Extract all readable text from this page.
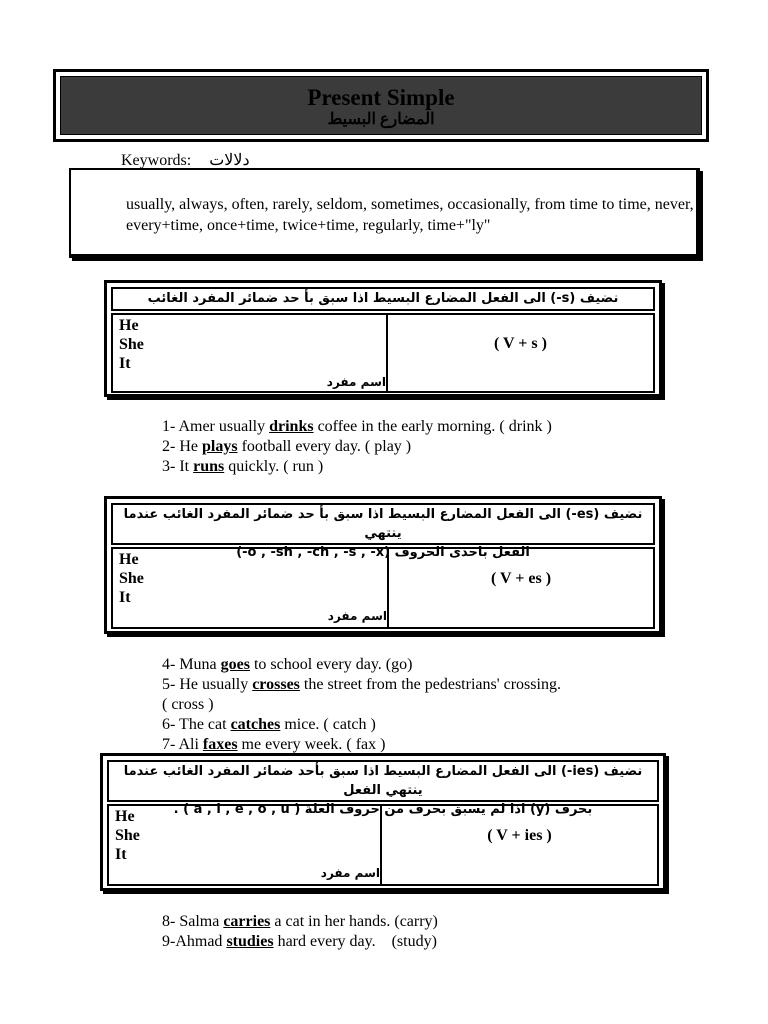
Present Simple
المضارع البسيط
Keywords: دلالات
usually, always, often, rarely, seldom, sometimes, occasionally, from time to time, never, every+time, once+time, twice+time, regularly, time+"ly"
نضيف (s-) الى الفعل المضارع البسيط اذا سبق بأ حد ضمائر المفرد الغائب
He
She
It
اسم مفرد
( V + s )
1- Amer usually drinks coffee in the early morning. ( drink )
2- He plays football every day. ( play )
3- It runs quickly. ( run )
نضيف (es-) الى الفعل المضارع البسيط اذا سبق بأ حد ضمائر المفرد الغائب عندما ينتهي
الفعل باحدى الحروف (o , -sh , -ch , -s , -x-)
He
She
It
اسم مفرد
( V + es )
4- Muna goes to school every day. (go)
5- He usually crosses the street from the pedestrians' crossing.
( cross )
6- The cat catches mice. ( catch )
7- Ali faxes me every week. ( fax )
نضيف (ies-) الى الفعل المضارع البسيط اذا سبق بأحد ضمائر المفرد الغائب عندما ينتهي الفعل
بحرف (y) اذا لم يسبق بحرف من حروف العلة ( a , i , e , o , u ) .
He
She
It
اسم مفرد
( V + ies )
8- Salma carries a cat in her hands. (carry)
9-Ahmad studies hard every day.    (study)
